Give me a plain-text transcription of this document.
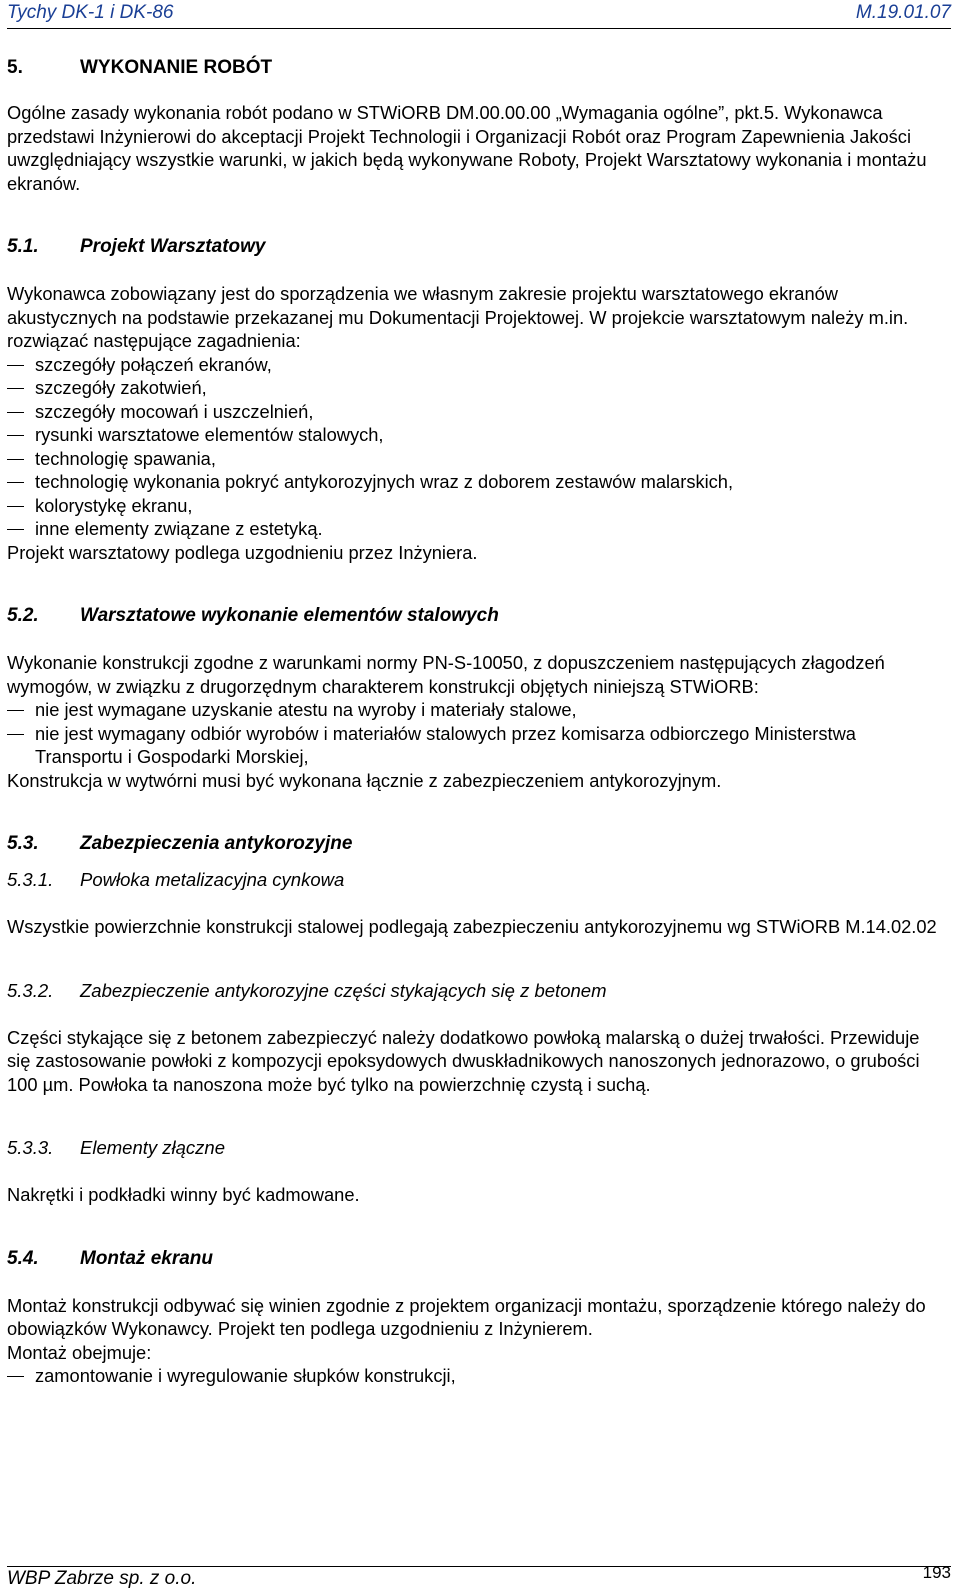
Tychy DK-1 i DK-86	M.19.01.07
5.	WYKONANIE ROBÓT

Ogólne zasady wykonania robót podano w STWiORB DM.00.00.00 „Wymagania ogólne”, pkt.5. Wykonawca przedstawi Inżynierowi do akceptacji Projekt Technologii i Organizacji Robót oraz Program Zapewnienia Jakości uwzględniający wszystkie warunki, w jakich będą wykonywane Roboty, Projekt Warsztatowy wykonania i montażu ekranów.

5.1. Projekt Warsztatowy

Wykonawca zobowiązany jest do sporządzenia we własnym zakresie projektu warsztatowego ekranów akustycznych na podstawie przekazanej mu Dokumentacji Projektowej. W projekcie warsztatowym należy m.in. rozwiązać następujące zagadnienia:

szczegóły połączeń ekranów,
szczegóły zakotwień,
szczegóły mocowań i uszczelnień,
rysunki warsztatowe elementów stalowych,
technologię spawania,
technologię wykonania pokryć antykorozyjnych wraz z doborem zestawów malarskich,
kolorystykę ekranu,
inne elementy związane z estetyką.

Projekt warsztatowy podlega uzgodnieniu przez Inżyniera.

5.2. Warsztatowe wykonanie elementów stalowych

Wykonanie konstrukcji zgodne z warunkami normy PN-S-10050, z dopuszczeniem następujących złagodzeń wymogów, w związku z drugorzędnym charakterem konstrukcji objętych niniejszą STWiORB:

nie jest wymagane uzyskanie atestu na wyroby i materiały stalowe,
nie jest wymagany odbiór wyrobów i materiałów stalowych przez komisarza odbiorczego Ministerstwa Transportu i Gospodarki Morskiej,

Konstrukcja w wytwórni musi być wykonana łącznie z zabezpieczeniem antykorozyjnym.

5.3. Zabezpieczenia antykorozyjne
5.3.1. Powłoka metalizacyjna cynkowa

Wszystkie powierzchnie konstrukcji stalowej podlegają zabezpieczeniu antykorozyjnemu wg STWiORB M.14.02.02

5.3.2. Zabezpieczenie antykorozyjne części stykających się z betonem

Części stykające się z betonem zabezpieczyć należy dodatkowo powłoką malarską o dużej trwałości. Przewiduje się zastosowanie powłoki z kompozycji epoksydowych dwuskładnikowych nanoszonych jednorazowo, o grubości 100 µm. Powłoka ta nanoszona może być tylko na powierzchnię czystą i suchą.

5.3.3. Elementy złączne

Nakrętki i podkładki winny być kadmowane.

5.4. Montaż ekranu

Montaż konstrukcji odbywać się winien zgodnie z projektem organizacji montażu, sporządzenie którego należy do obowiązków Wykonawcy. Projekt ten podlega uzgodnieniu z Inżynierem.

Montaż obejmuje:

zamontowanie i wyregulowanie słupków konstrukcji,
WBP Zabrze sp. z o.o.	193
